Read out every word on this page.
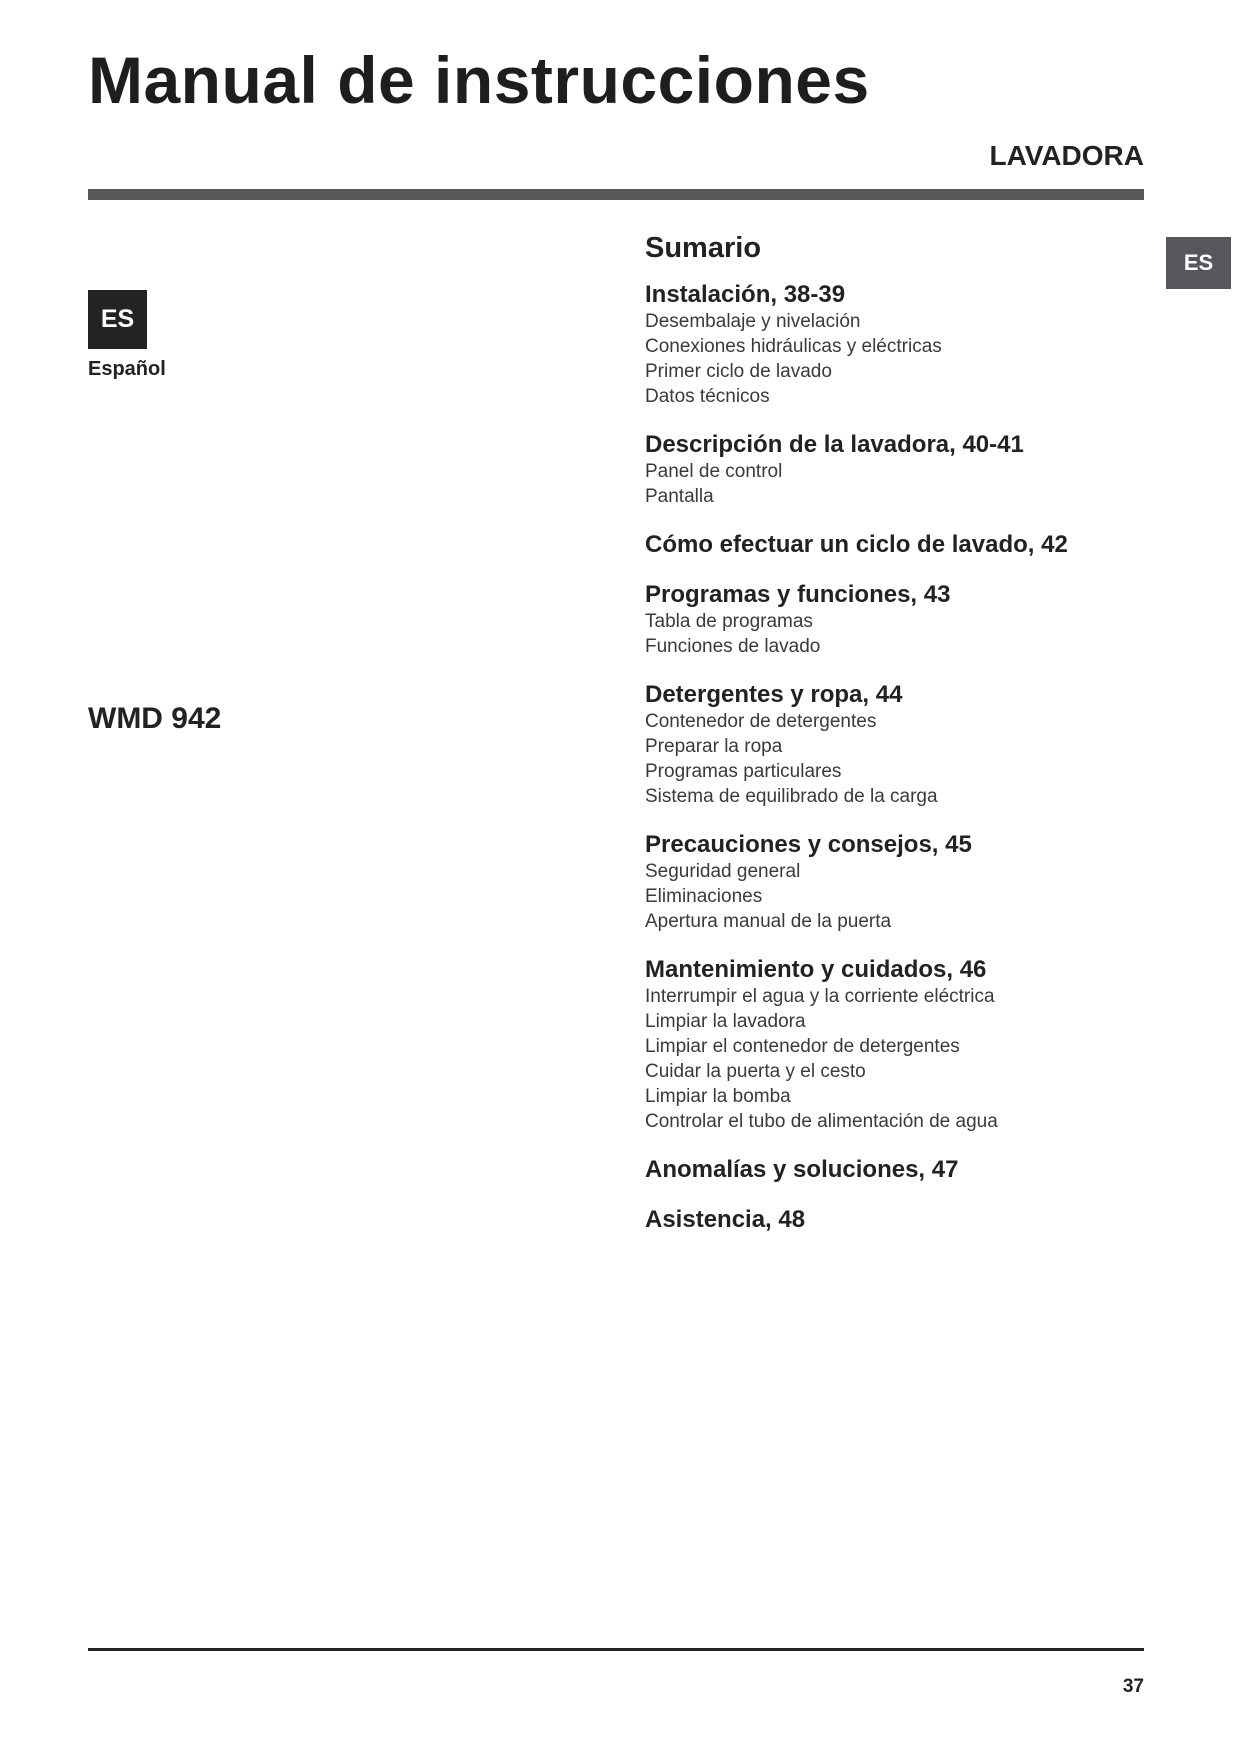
Manual de instrucciones
LAVADORA
ES
ES
Español
WMD 942
Sumario
Instalación, 38-39
Desembalaje y nivelación
Conexiones hidráulicas y eléctricas
Primer ciclo de lavado
Datos técnicos
Descripción de la lavadora, 40-41
Panel de control
Pantalla
Cómo efectuar un ciclo de lavado, 42
Programas y funciones, 43
Tabla de programas
Funciones de lavado
Detergentes y ropa, 44
Contenedor de detergentes
Preparar la ropa
Programas particulares
Sistema de equilibrado de la carga
Precauciones y consejos, 45
Seguridad general
Eliminaciones
Apertura manual de la puerta
Mantenimiento y cuidados, 46
Interrumpir el agua y la corriente eléctrica
Limpiar la lavadora
Limpiar el contenedor de detergentes
Cuidar la puerta y el cesto
Limpiar la bomba
Controlar el tubo de alimentación de agua
Anomalías y soluciones, 47
Asistencia, 48
37
